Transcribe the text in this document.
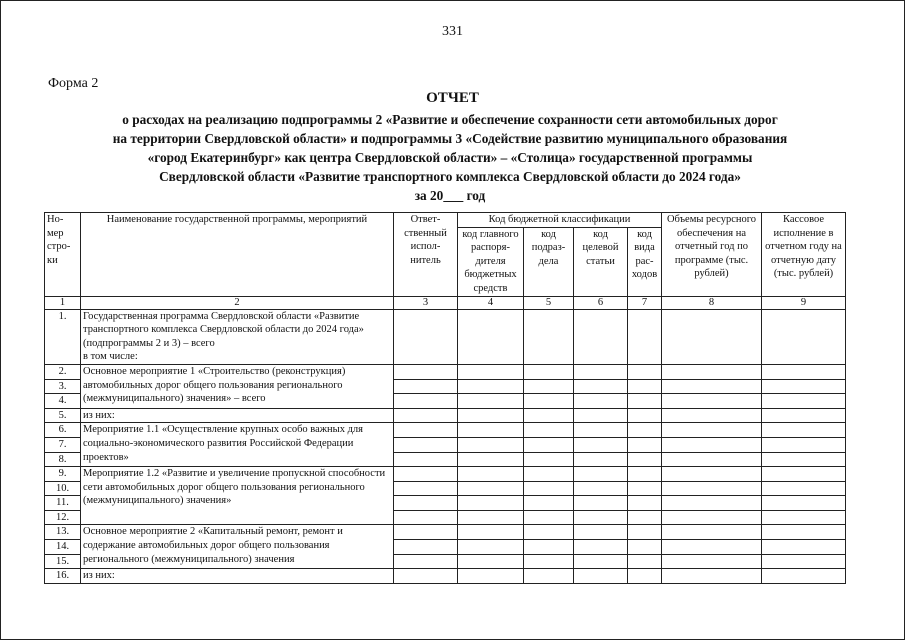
331
Форма 2
ОТЧЕТ
о расходах на реализацию подпрограммы 2 «Развитие и обеспечение сохранности сети автомобильных дорог
на территории Свердловской области» и подпрограммы 3 «Содействие развитию муниципального образования
«город Екатеринбург» как центра Свердловской области» – «Столица» государственной программы
Свердловской области «Развитие транспортного комплекса Свердловской области до 2024 года»
за 20___ год
Но-мер стро-ки	Наименование государственной программы, мероприятий	Ответ-ственный испол-нитель	Код бюджетной классификации				Объемы ресурсного обеспечения на отчетный год по программе (тыс. рублей)	Кассовое исполнение в отчетном году на отчетную дату (тыс. рублей)
			код главного распоря-дителя бюджетных средств	код подраз-дела	код целевой статьи	код вида рас-ходов		
1	2	3	4	5	6	7	8	9
1.	Государственная программа Свердловской области «Развитие транспортного комплекса Свердловской области до 2024 года» (подпрограммы 2 и 3) – всего
в том числе:							
2.	Основное мероприятие 1 «Строительство (реконструкция) автомобильных дорог общего пользования регионального (межмуниципального) значения» – всего							
3.								
4.								
5.	из них:							
6.	Мероприятие 1.1 «Осуществление крупных особо важных для социально-экономического развития Российской Федерации проектов»							
7.								
8.								
9.	Мероприятие 1.2 «Развитие и увеличение пропускной способности сети автомобильных дорог общего пользования регионального (межмуниципального) значения»							
10.								
11.								
12.								
13.	Основное мероприятие 2 «Капитальный ремонт, ремонт и содержание автомобильных дорог общего пользования регионального (межмуниципального) значения							
14.								
15.								
16.	из них:							
